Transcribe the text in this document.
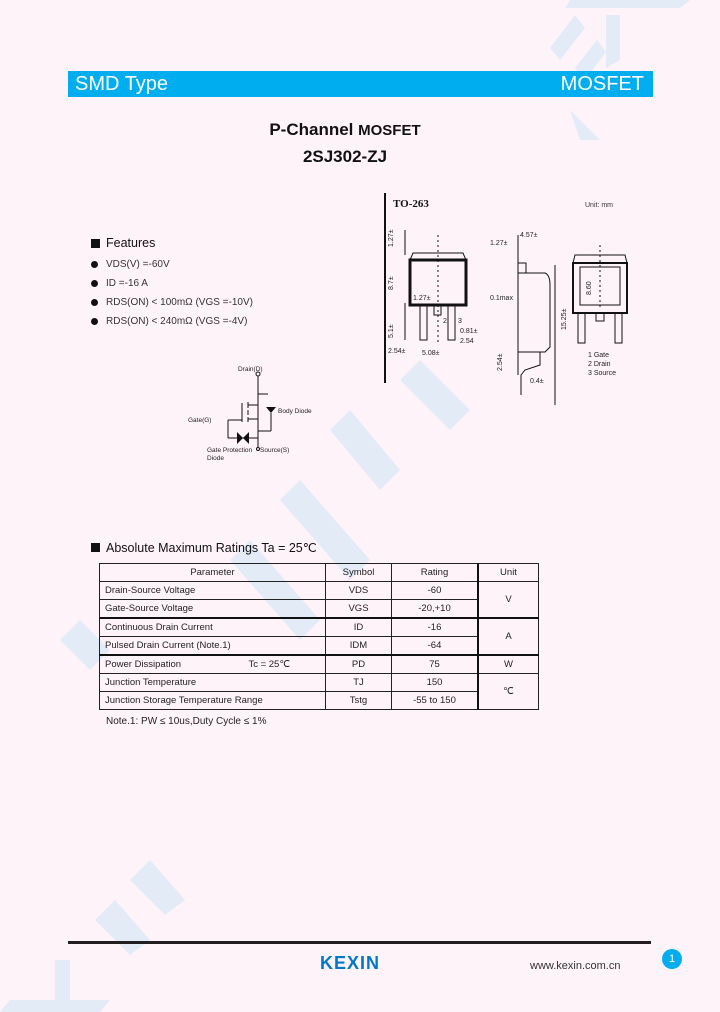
SMD Type	MOSFET
P-Channel MOSFET
2SJ302-ZJ
Features
VDS(V) =-60V
ID =-16 A
RDS(ON) < 100mΩ (VGS =-10V)
RDS(ON) < 240mΩ (VGS =-4V)
TO-263	Unit: mm
1.27±
8.7±
1.27±
5.1±
2 3
0.81±
2.54
2.54± 5.08±
1.27±
4.57±
0.1max
15.25±
2.54±
0.4±
8.60
1 Gate
2 Drain
3 Source
Drain(D)
Body Diode
Gate(G)
Gate Protection
Diode
Source(S)
Absolute Maximum Ratings Ta = 25℃
Parameter	Symbol	Rating	Unit
Drain-Source Voltage	VDS	-60	V
Gate-Source Voltage	VGS	-20,+10	
Continuous Drain Current	ID	-16	A
Pulsed Drain Current (Note.1)	IDM	-64	
Power Dissipation Tc = 25℃	PD	75	W
Junction Temperature	TJ	150	℃
Junction Storage Temperature Range	Tstg	-55 to 150	
Note.1: PW ≤ 10us,Duty Cycle ≤ 1%
KEXIN	www.kexin.com.cn
1
